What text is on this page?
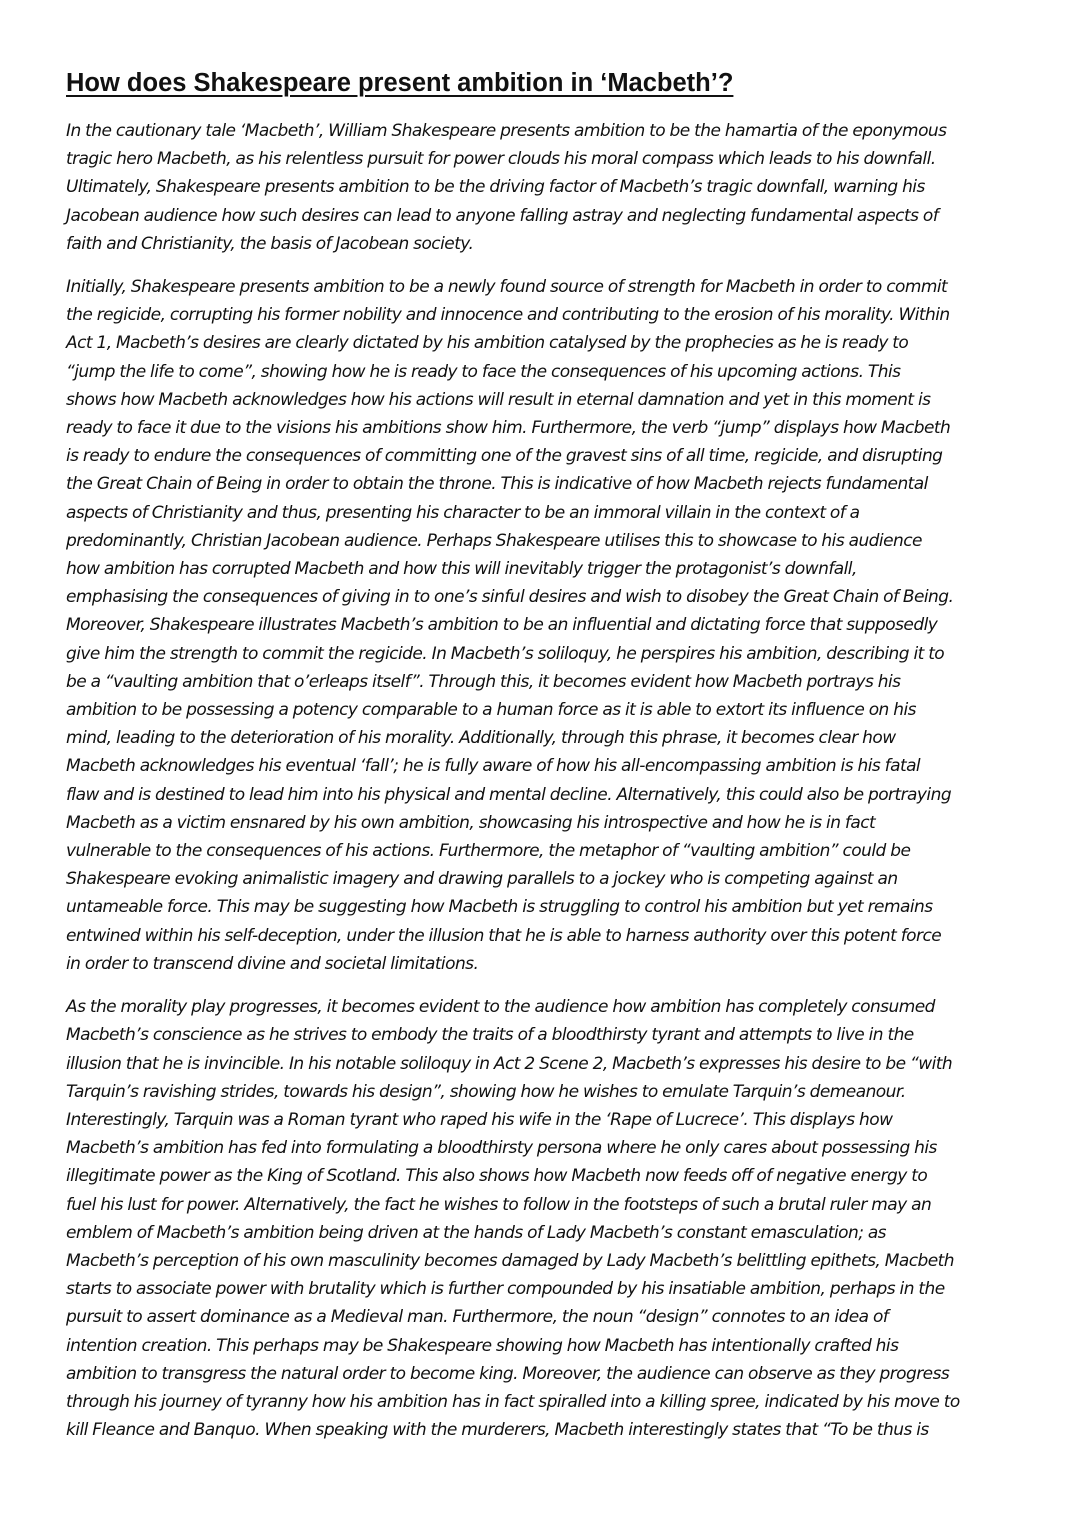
How does Shakespeare present ambition in ‘Macbeth’?

In the cautionary tale ‘Macbeth’, William Shakespeare presents ambition to be the hamartia of the eponymous
tragic hero Macbeth, as his relentless pursuit for power clouds his moral compass which leads to his downfall.
Ultimately, Shakespeare presents ambition to be the driving factor of Macbeth’s tragic downfall, warning his
Jacobean audience how such desires can lead to anyone falling astray and neglecting fundamental aspects of
faith and Christianity, the basis of Jacobean society.

Initially, Shakespeare presents ambition to be a newly found source of strength for Macbeth in order to commit
the regicide, corrupting his former nobility and innocence and contributing to the erosion of his morality. Within
Act 1, Macbeth’s desires are clearly dictated by his ambition catalysed by the prophecies as he is ready to
“jump the life to come”, showing how he is ready to face the consequences of his upcoming actions. This
shows how Macbeth acknowledges how his actions will result in eternal damnation and yet in this moment is
ready to face it due to the visions his ambitions show him. Furthermore, the verb “jump” displays how Macbeth
is ready to endure the consequences of committing one of the gravest sins of all time, regicide, and disrupting
the Great Chain of Being in order to obtain the throne. This is indicative of how Macbeth rejects fundamental
aspects of Christianity and thus, presenting his character to be an immoral villain in the context of a
predominantly, Christian Jacobean audience. Perhaps Shakespeare utilises this to showcase to his audience
how ambition has corrupted Macbeth and how this will inevitably trigger the protagonist’s downfall,
emphasising the consequences of giving in to one’s sinful desires and wish to disobey the Great Chain of Being.
Moreover, Shakespeare illustrates Macbeth’s ambition to be an influential and dictating force that supposedly
give him the strength to commit the regicide. In Macbeth’s soliloquy, he perspires his ambition, describing it to
be a “vaulting ambition that o’erleaps itself”. Through this, it becomes evident how Macbeth portrays his
ambition to be possessing a potency comparable to a human force as it is able to extort its influence on his
mind, leading to the deterioration of his morality. Additionally, through this phrase, it becomes clear how
Macbeth acknowledges his eventual ‘fall’; he is fully aware of how his all-encompassing ambition is his fatal
flaw and is destined to lead him into his physical and mental decline. Alternatively, this could also be portraying
Macbeth as a victim ensnared by his own ambition, showcasing his introspective and how he is in fact
vulnerable to the consequences of his actions. Furthermore, the metaphor of “vaulting ambition” could be
Shakespeare evoking animalistic imagery and drawing parallels to a jockey who is competing against an
untameable force. This may be suggesting how Macbeth is struggling to control his ambition but yet remains
entwined within his self-deception, under the illusion that he is able to harness authority over this potent force
in order to transcend divine and societal limitations.

As the morality play progresses, it becomes evident to the audience how ambition has completely consumed
Macbeth’s conscience as he strives to embody the traits of a bloodthirsty tyrant and attempts to live in the
illusion that he is invincible. In his notable soliloquy in Act 2 Scene 2, Macbeth’s expresses his desire to be “with
Tarquin’s ravishing strides, towards his design”, showing how he wishes to emulate Tarquin’s demeanour.
Interestingly, Tarquin was a Roman tyrant who raped his wife in the ‘Rape of Lucrece’. This displays how
Macbeth’s ambition has fed into formulating a bloodthirsty persona where he only cares about possessing his
illegitimate power as the King of Scotland. This also shows how Macbeth now feeds off of negative energy to
fuel his lust for power. Alternatively, the fact he wishes to follow in the footsteps of such a brutal ruler may an
emblem of Macbeth’s ambition being driven at the hands of Lady Macbeth’s constant emasculation; as
Macbeth’s perception of his own masculinity becomes damaged by Lady Macbeth’s belittling epithets, Macbeth
starts to associate power with brutality which is further compounded by his insatiable ambition, perhaps in the
pursuit to assert dominance as a Medieval man. Furthermore, the noun “design” connotes to an idea of
intention creation. This perhaps may be Shakespeare showing how Macbeth has intentionally crafted his
ambition to transgress the natural order to become king. Moreover, the audience can observe as they progress
through his journey of tyranny how his ambition has in fact spiralled into a killing spree, indicated by his move to
kill Fleance and Banquo. When speaking with the murderers, Macbeth interestingly states that “To be thus is
